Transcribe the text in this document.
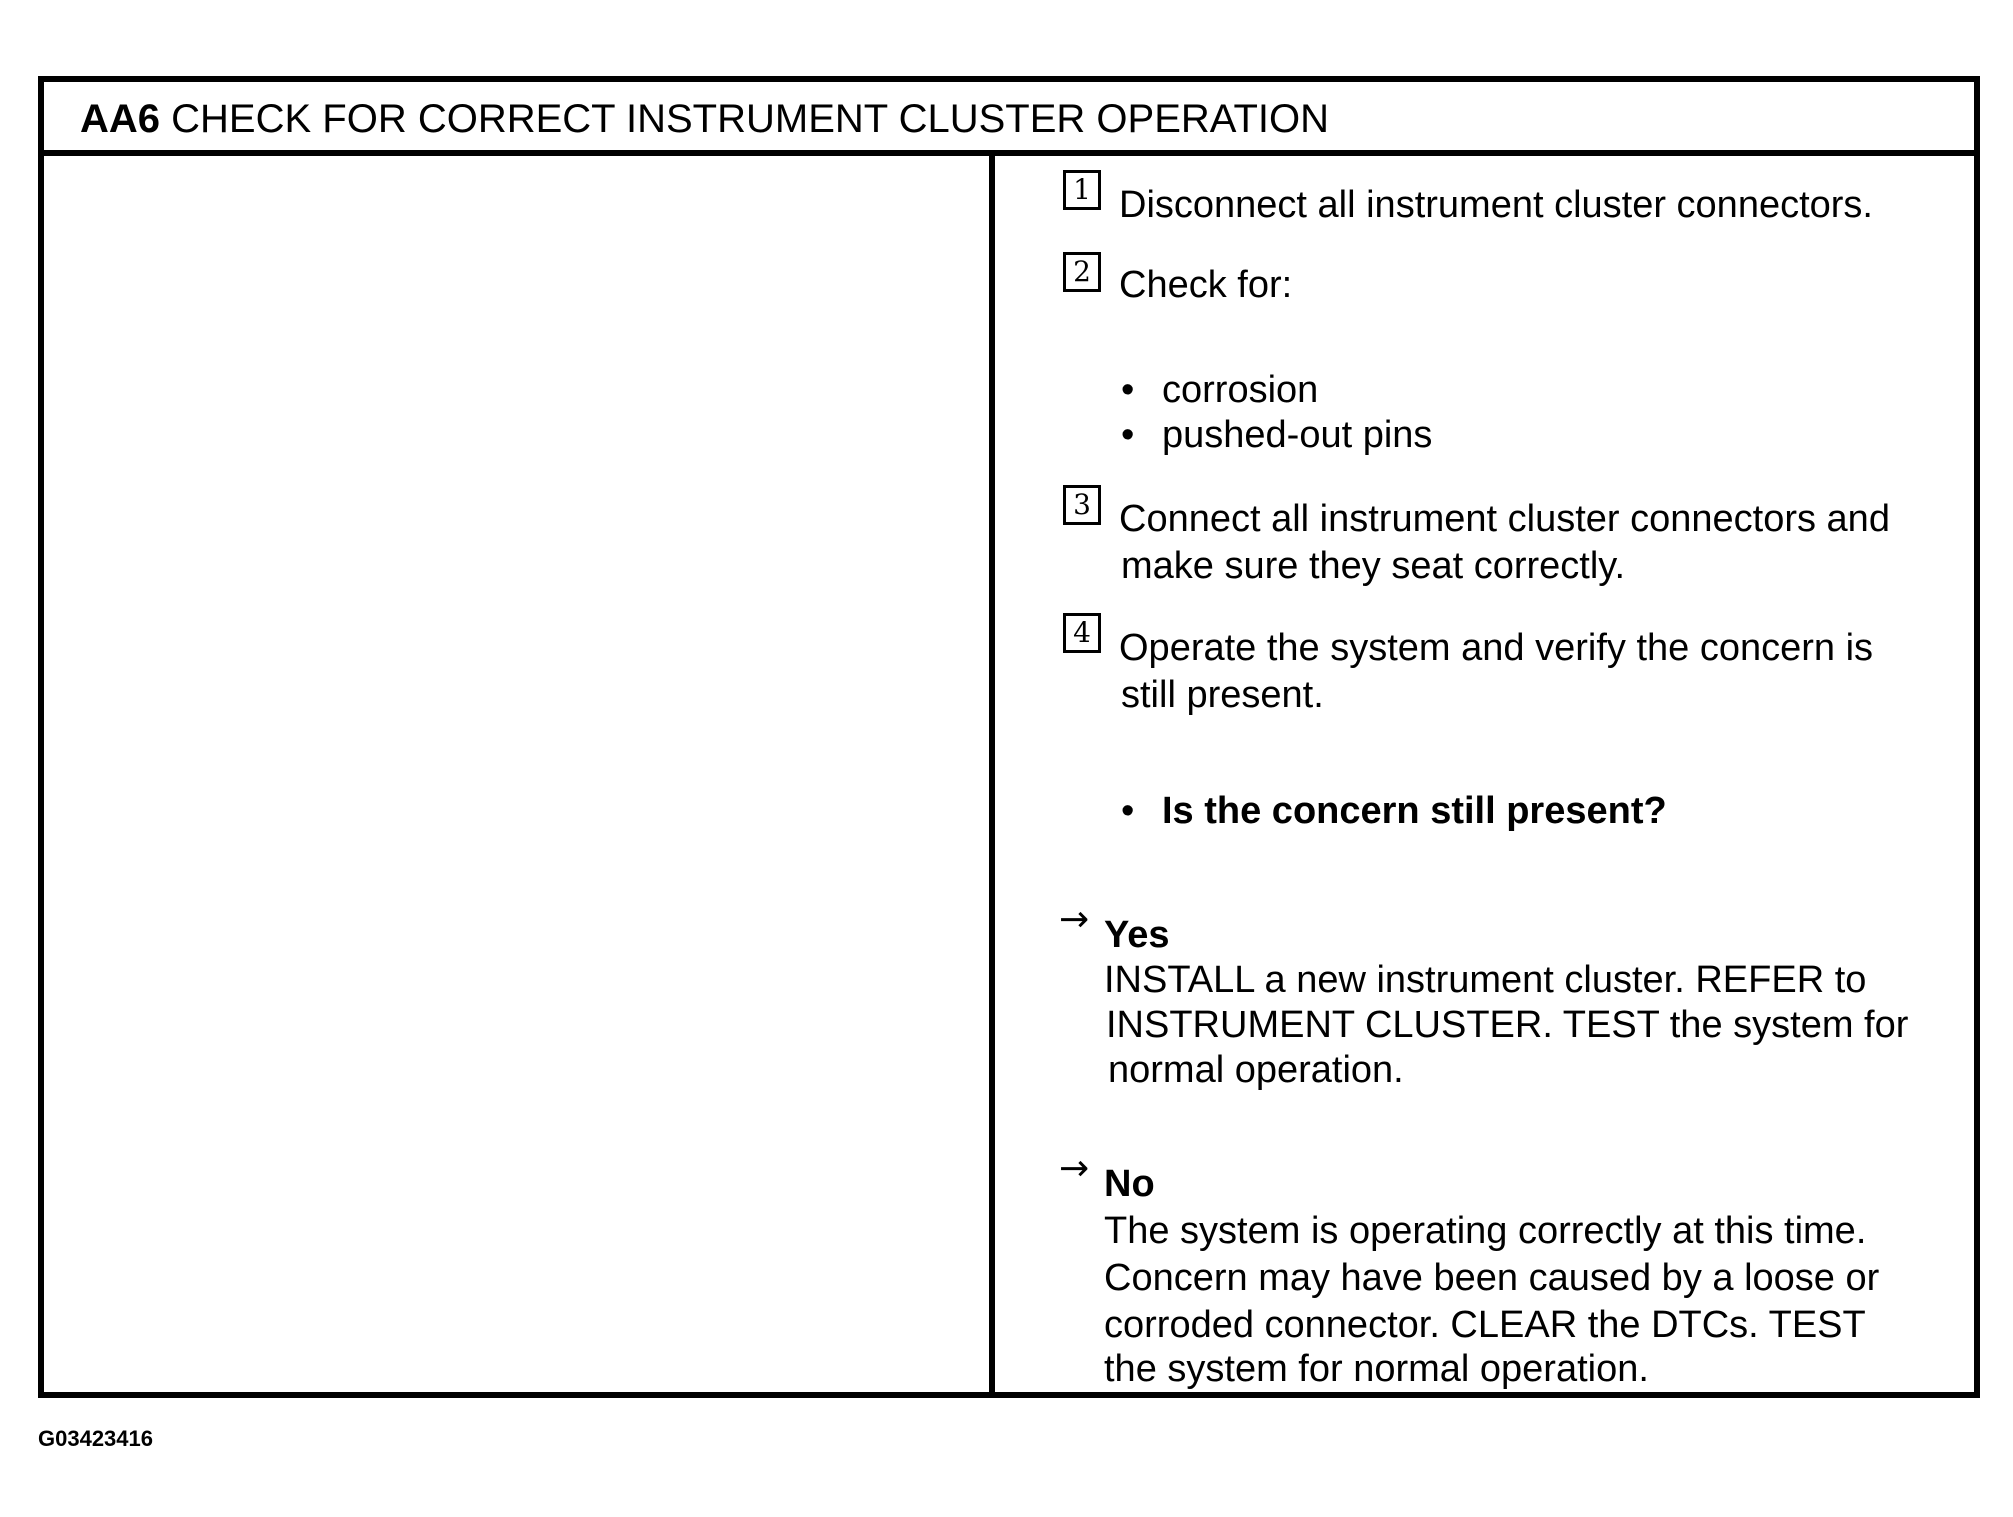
AA6 CHECK FOR CORRECT INSTRUMENT CLUSTER OPERATION
1 Disconnect all instrument cluster connectors.
2 Check for:
• corrosion
• pushed-out pins
3 Connect all instrument cluster connectors and
make sure they seat correctly.
4 Operate the system and verify the concern is
still present.
• Is the concern still present?
→ Yes
INSTALL a new instrument cluster. REFER to
INSTRUMENT CLUSTER. TEST the system for
normal operation.
→ No
The system is operating correctly at this time.
Concern may have been caused by a loose or
corroded connector. CLEAR the DTCs. TEST
the system for normal operation.
G03423416
